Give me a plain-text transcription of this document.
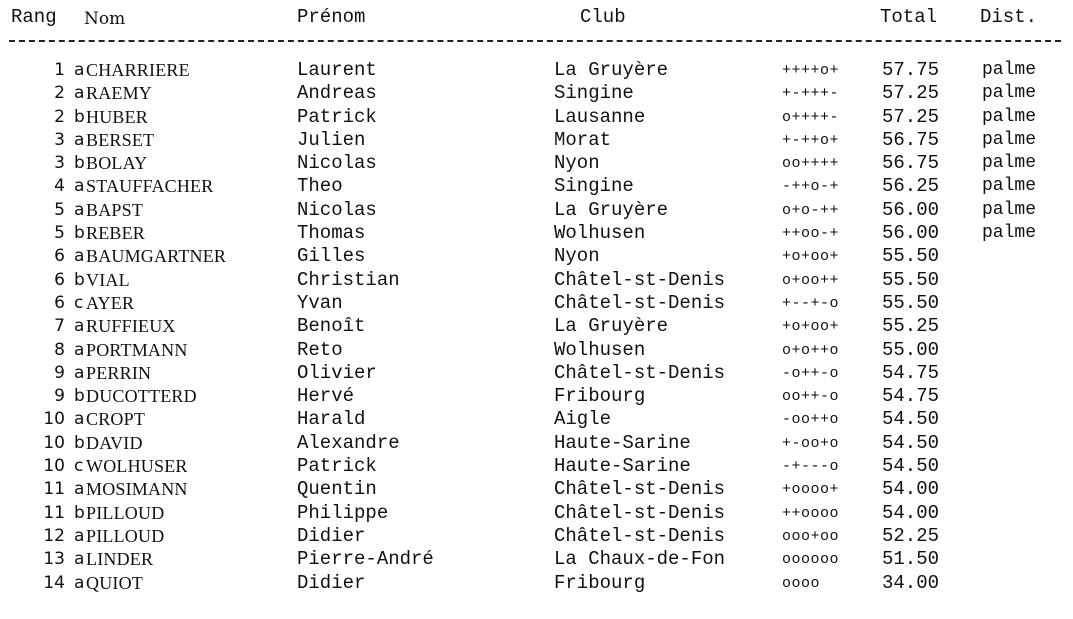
Rang Nom	Prénom	Club	Total Dist.
1 a CHARRIERE	Laurent	La Gruyère	++++o+ 57.75 palme
2 a RAEMY	Andreas	Singine	+-+++- 57.25 palme
2 b HUBER	Patrick	Lausanne	o++++- 57.25 palme
3 a BERSET	Julien	Morat	+-++o+ 56.75 palme
3 b BOLAY	Nicolas	Nyon	oo++++ 56.75 palme
4 a STAUFFACHER	Theo	Singine	-++o-+ 56.25 palme
5 a BAPST	Nicolas	La Gruyère	o+o-++ 56.00 palme
5 b REBER	Thomas	Wolhusen	++oo-+ 56.00 palme
6 a BAUMGARTNER	Gilles	Nyon	+o+oo+ 55.50
6 b VIAL	Christian	Châtel-st-Denis	o+oo++ 55.50
6 c AYER	Yvan	Châtel-st-Denis	+--+-o 55.50
7 a RUFFIEUX	Benoît	La Gruyère	+o+oo+ 55.25
8 a PORTMANN	Reto	Wolhusen	o+o++o 55.00
9 a PERRIN	Olivier	Châtel-st-Denis	-o++-o 54.75
9 b DUCOTTERD	Hervé	Fribourg	oo++-o 54.75
10 a CROPT	Harald	Aigle	-oo++o 54.50
10 b DAVID	Alexandre	Haute-Sarine	+-oo+o 54.50
10 c WOLHUSER	Patrick	Haute-Sarine	-+---o 54.50
11 a MOSIMANN	Quentin	Châtel-st-Denis	+oooo+ 54.00
11 b PILLOUD	Philippe	Châtel-st-Denis	++oooo 54.00
12 a PILLOUD	Didier	Châtel-st-Denis	ooo+oo 52.25
13 a LINDER	Pierre-André	La Chaux-de-Fon	oooooo 51.50
14 a QUIOT	Didier	Fribourg	oooo	34.00
